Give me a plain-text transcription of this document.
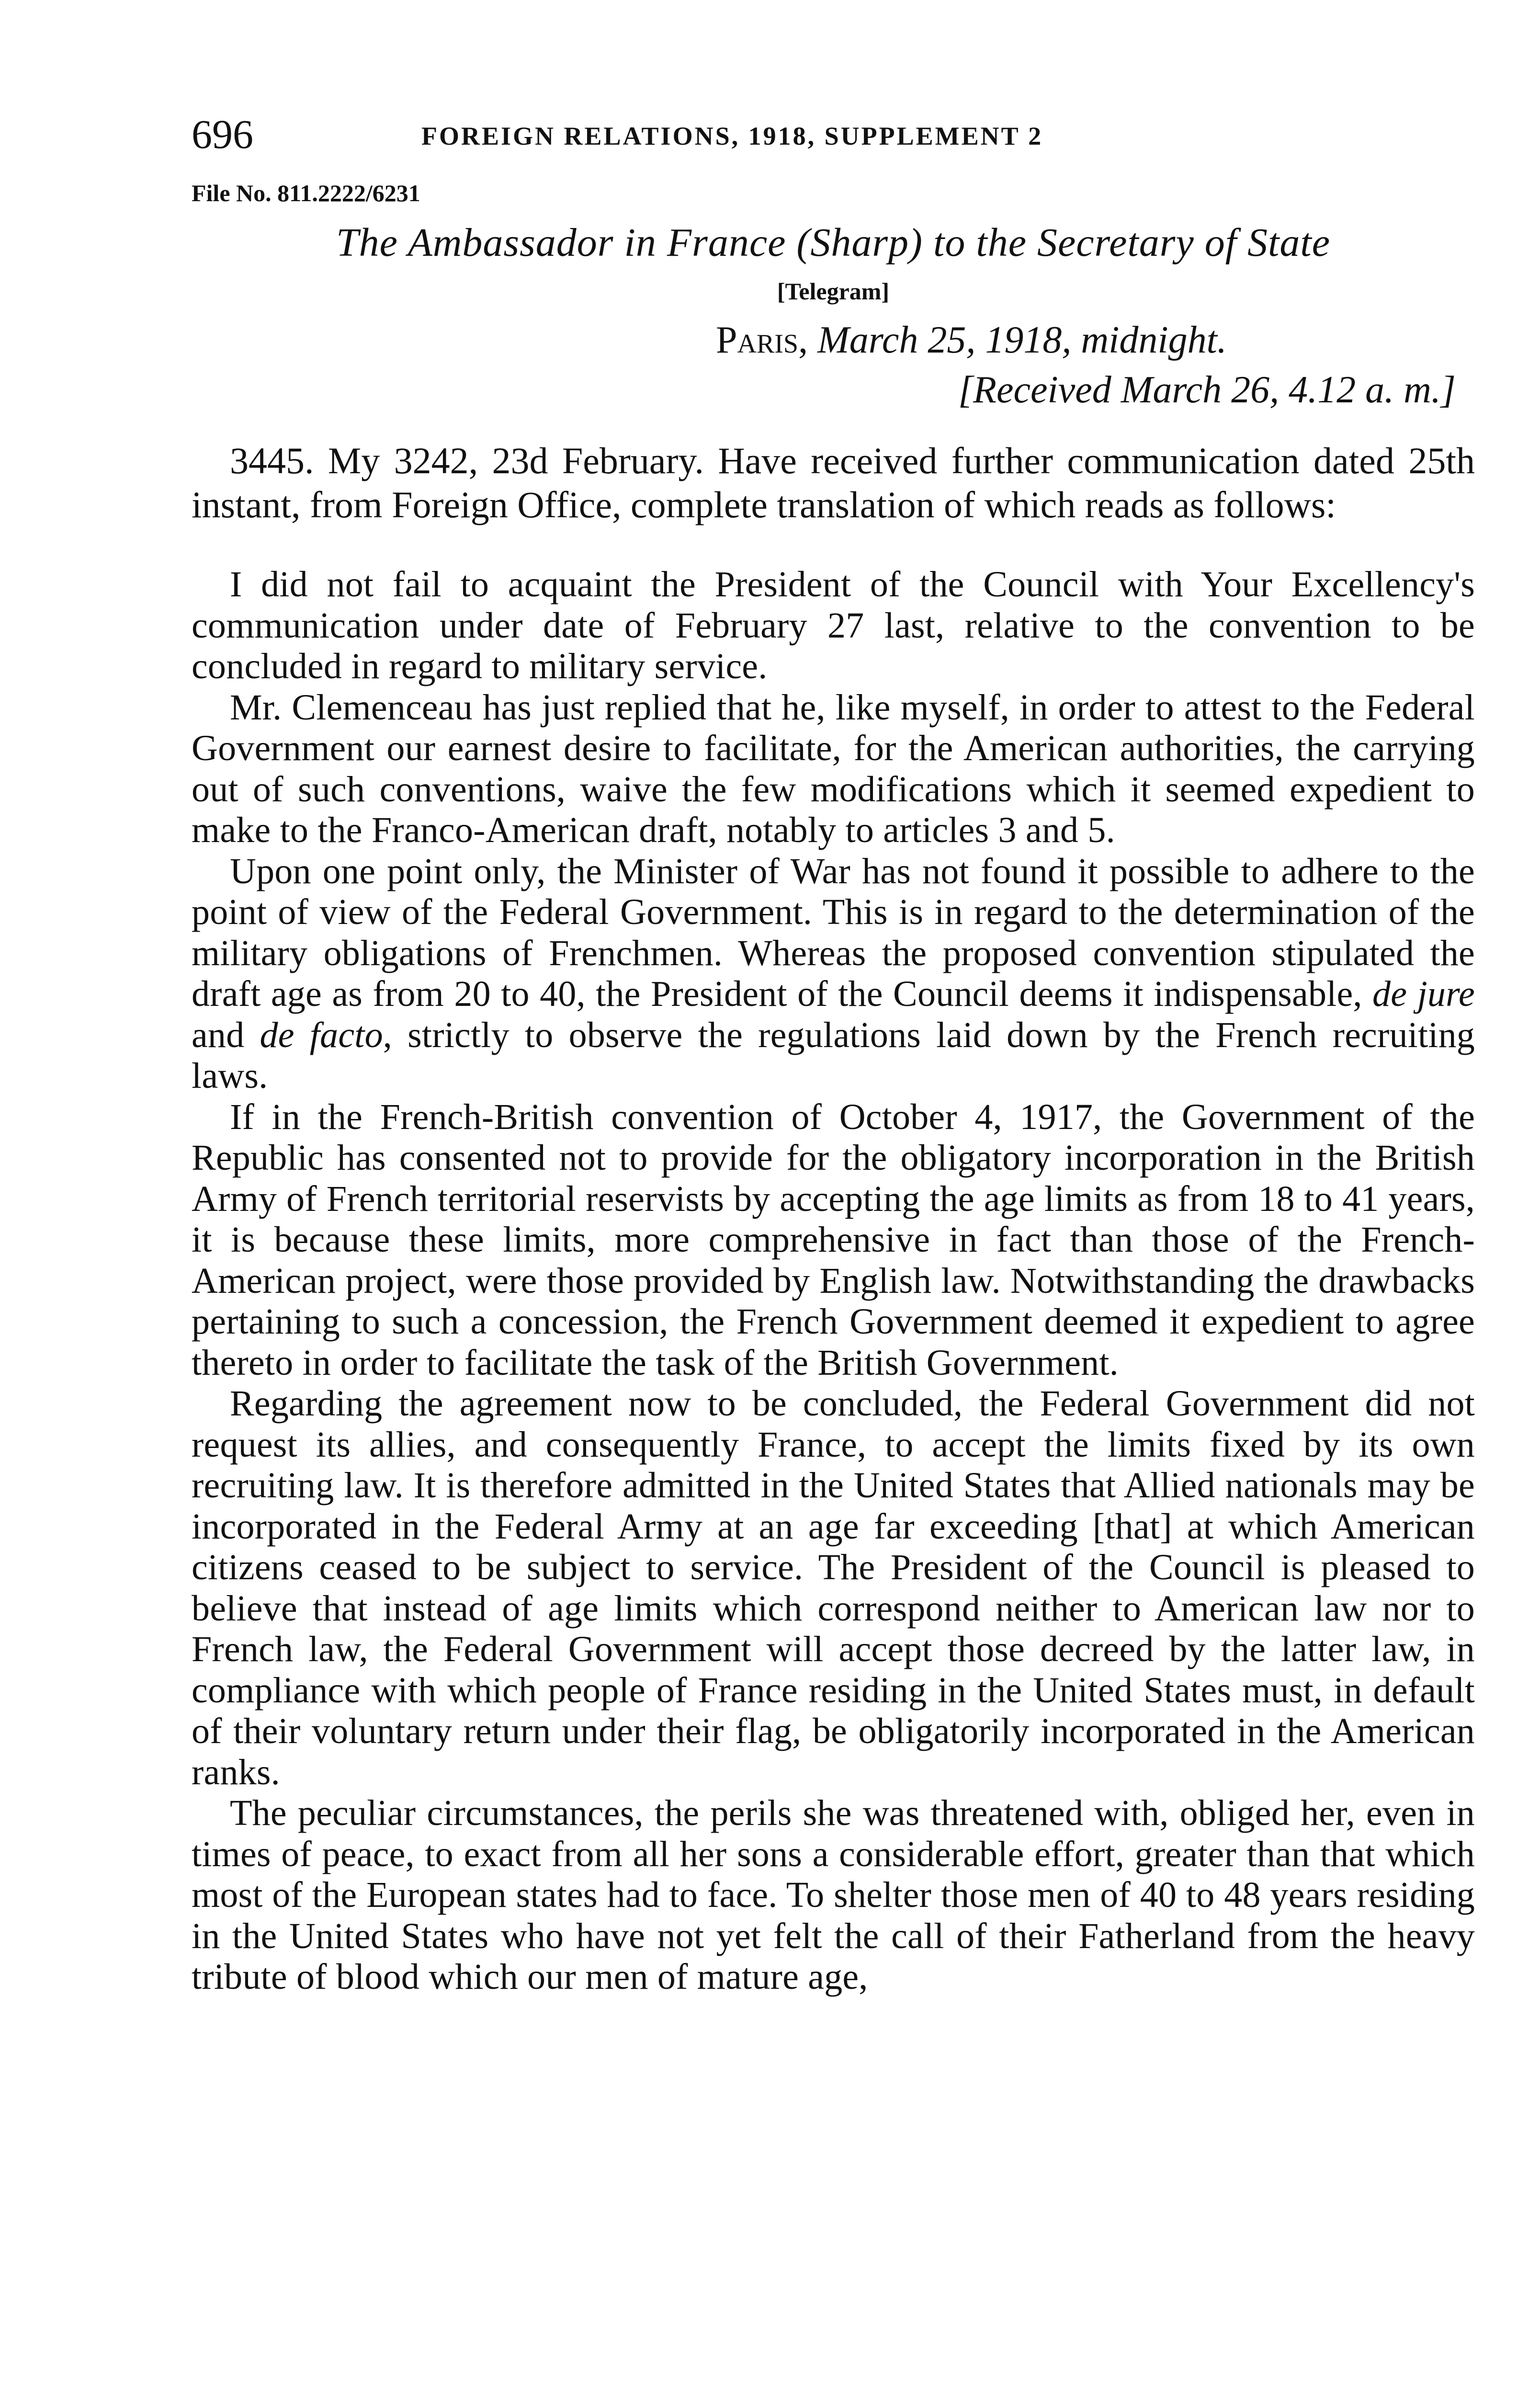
696	FOREIGN RELATIONS, 1918, SUPPLEMENT 2
File No. 811.2222/6231
The Ambassador in France (Sharp) to the Secretary of State
[Telegram]
Paris, March 25, 1918, midnight.
[Received March 26, 4.12 a. m.]

3445. My 3242, 23d February. Have received further communication dated 25th instant, from Foreign Office, complete translation of which reads as follows:

I did not fail to acquaint the President of the Council with Your Excellency's communication under date of February 27 last, relative to the convention to be concluded in regard to military service.

Mr. Clemenceau has just replied that he, like myself, in order to attest to the Federal Government our earnest desire to facilitate, for the American authorities, the carrying out of such conventions, waive the few modifications which it seemed expedient to make to the Franco-American draft, notably to articles 3 and 5.

Upon one point only, the Minister of War has not found it possible to adhere to the point of view of the Federal Government. This is in regard to the determination of the military obligations of Frenchmen. Whereas the proposed convention stipulated the draft age as from 20 to 40, the President of the Council deems it indispensable, de jure and de facto, strictly to observe the regulations laid down by the French recruiting laws.

If in the French-British convention of October 4, 1917, the Government of the Republic has consented not to provide for the obligatory incorporation in the British Army of French territorial reservists by accepting the age limits as from 18 to 41 years, it is because these limits, more comprehensive in fact than those of the French-American project, were those provided by English law. Notwithstanding the drawbacks pertaining to such a concession, the French Government deemed it expedient to agree thereto in order to facilitate the task of the British Government.

Regarding the agreement now to be concluded, the Federal Government did not request its allies, and consequently France, to accept the limits fixed by its own recruiting law. It is therefore admitted in the United States that Allied nationals may be incorporated in the Federal Army at an age far exceeding [that] at which American citizens ceased to be subject to service. The President of the Council is pleased to believe that instead of age limits which correspond neither to American law nor to French law, the Federal Government will accept those decreed by the latter law, in compliance with which people of France residing in the United States must, in default of their voluntary return under their flag, be obligatorily incorporated in the American ranks.

The peculiar circumstances, the perils she was threatened with, obliged her, even in times of peace, to exact from all her sons a considerable effort, greater than that which most of the European states had to face. To shelter those men of 40 to 48 years residing in the United States who have not yet felt the call of their Fatherland from the heavy tribute of blood which our men of mature age,
